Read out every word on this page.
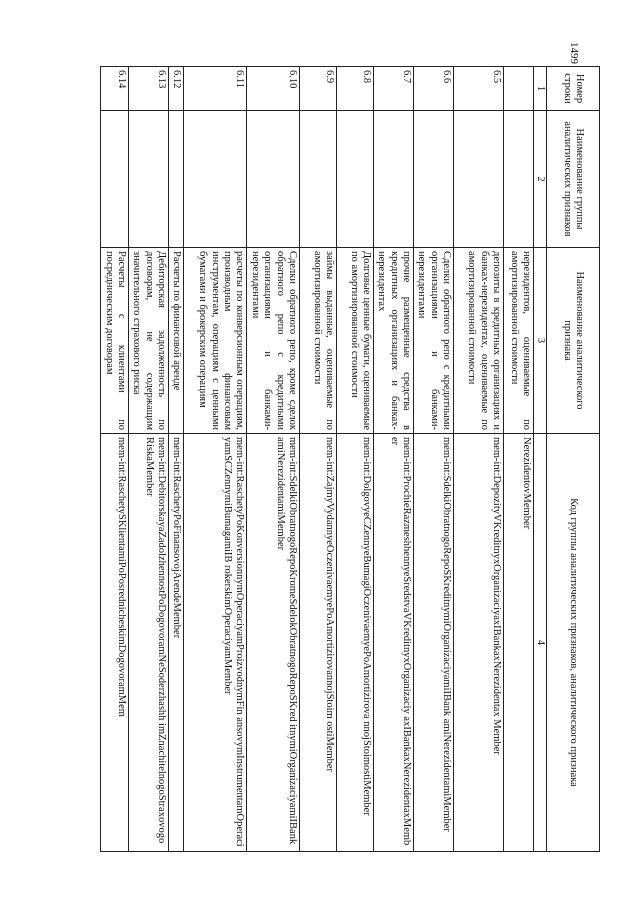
1499
Номер строки	Наименование группы аналитических признаков	Наименование аналитического признака	Код группы аналитических признаков, аналитического признака
1	2	3	4
		нерезидентов, оцениваемые по амортизированной стоимости	NerezidentovMember
6.5		депозиты в кредитных организациях и банках-нерезидентах, оцениваемые по амортизированной стоимости	mem-int:DepozityVKreditnyxOrganizaciyaxIBankaxNerezidentax Member
6.6		Сделки обратного репо с кредитными организациями и банками-нерезидентами	mem-int:SdelkiObratnogoRepoSKreditnymiOrganizaciyamiIBank amiNerezidentamiMember
6.7		прочие размещенные средства в кредитных организациях и банках-нерезидентах	mem-int:ProchieRazmeshhennyeSredstvaVKreditnyxOrganizaciy axIBankaxNerezidentaxMember
6.8		Долговые ценные бумаги, оцениваемые по амортизированной стоимости	mem-int:DolgovyeCZennyeBumagiOczenivaemyePoAmortizirova nnojStoimostiMember
6.9		займы выданные, оцениваемые по амортизированной стоимости	mem-int:ZajmyVydannyeOczenivaemyePoAmortizirovannojStoim ostiMember
6.10		Сделки обратного репо, кроме сделок обратного репо с кредитными организациями и банками-нерезидентами	mem-int:SdelkiObratnogoRepoKromeSdelokObratnogoRepoSKred itnymiOrganizaciyamiIBankamiNerezidentamiMember
6.11		расчеты по конверсионным операциям, производным финансовым инструментам, операциям с ценными бумагами и брокерским операциям	mem-int:RaschetyPoKonversionnymOperaciyamProizvodnymFin ansovymInstrumentamOperaciyamSCZennymiBumagamiIB rokerskimOperaciyamMember
6.12		Расчеты по финансовой аренде	mem-int:RaschetyPoFinansovojArendeMember
6.13		Дебиторская задолженность по договорам, не содержащим значительного страхового риска	mem-int:DebitorskayaZadolzhennostPoDogovoramNeSoderzhashh imZnachitelnogoStraxovogoRiskaMember
6.14		Расчеты с клиентами по посредническим договорам	mem-int:RaschetySKlientamiPoPosrednicheskimDogovoramMem
